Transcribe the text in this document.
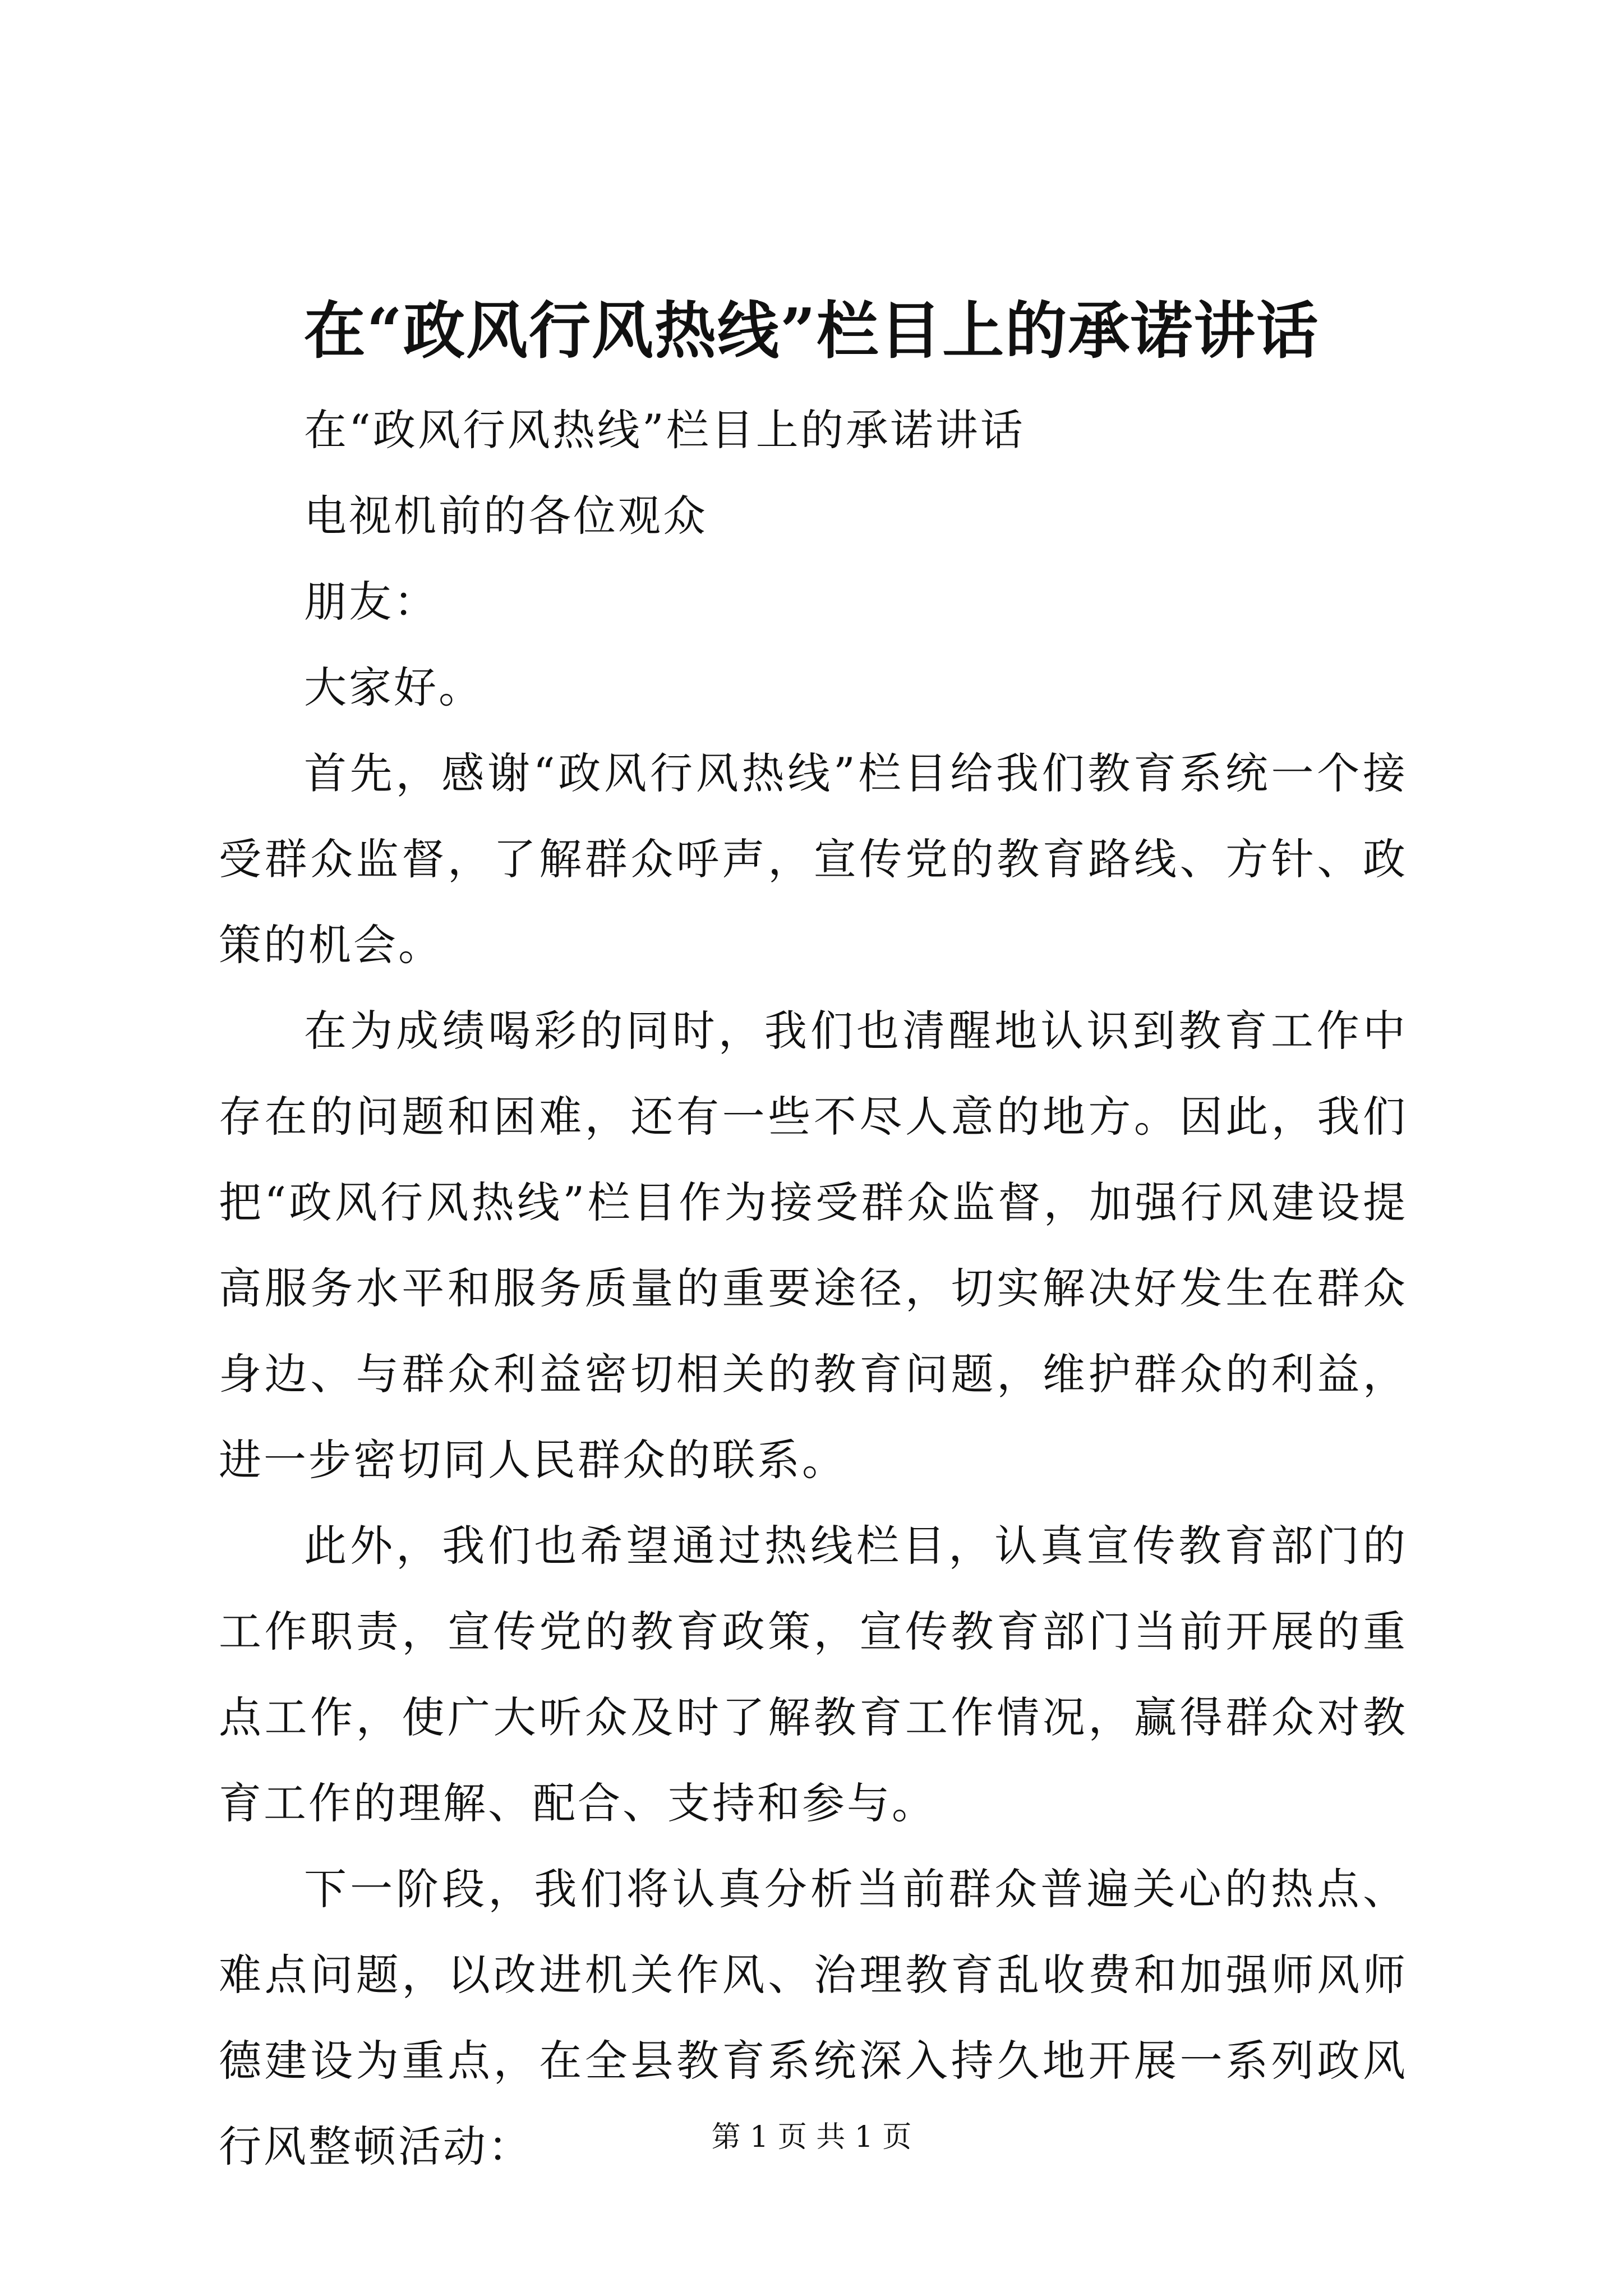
在“政风行风热线”栏目上的承诺讲话

在“政风行风热线”栏目上的承诺讲话

电视机前的各位观众

朋友：

大家好。

首先，感谢“政风行风热线”栏目给我们教育系统一个接受群众监督，了解群众呼声，宣传党的教育路线、方针、政策的机会。

在为成绩喝彩的同时，我们也清醒地认识到教育工作中存在的问题和困难，还有一些不尽人意的地方。因此，我们把“政风行风热线”栏目作为接受群众监督，加强行风建设提高服务水平和服务质量的重要途径，切实解决好发生在群众身边、与群众利益密切相关的教育问题，维护群众的利益，进一步密切同人民群众的联系。

此外，我们也希望通过热线栏目，认真宣传教育部门的工作职责，宣传党的教育政策，宣传教育部门当前开展的重点工作，使广大听众及时了解教育工作情况，赢得群众对教育工作的理解、配合、支持和参与。

下一阶段，我们将认真分析当前群众普遍关心的热点、难点问题，以改进机关作风、治理教育乱收费和加强师风师德建设为重点，在全县教育系统深入持久地开展一系列政风行风整顿活动：	第 1 页 共 1 页
